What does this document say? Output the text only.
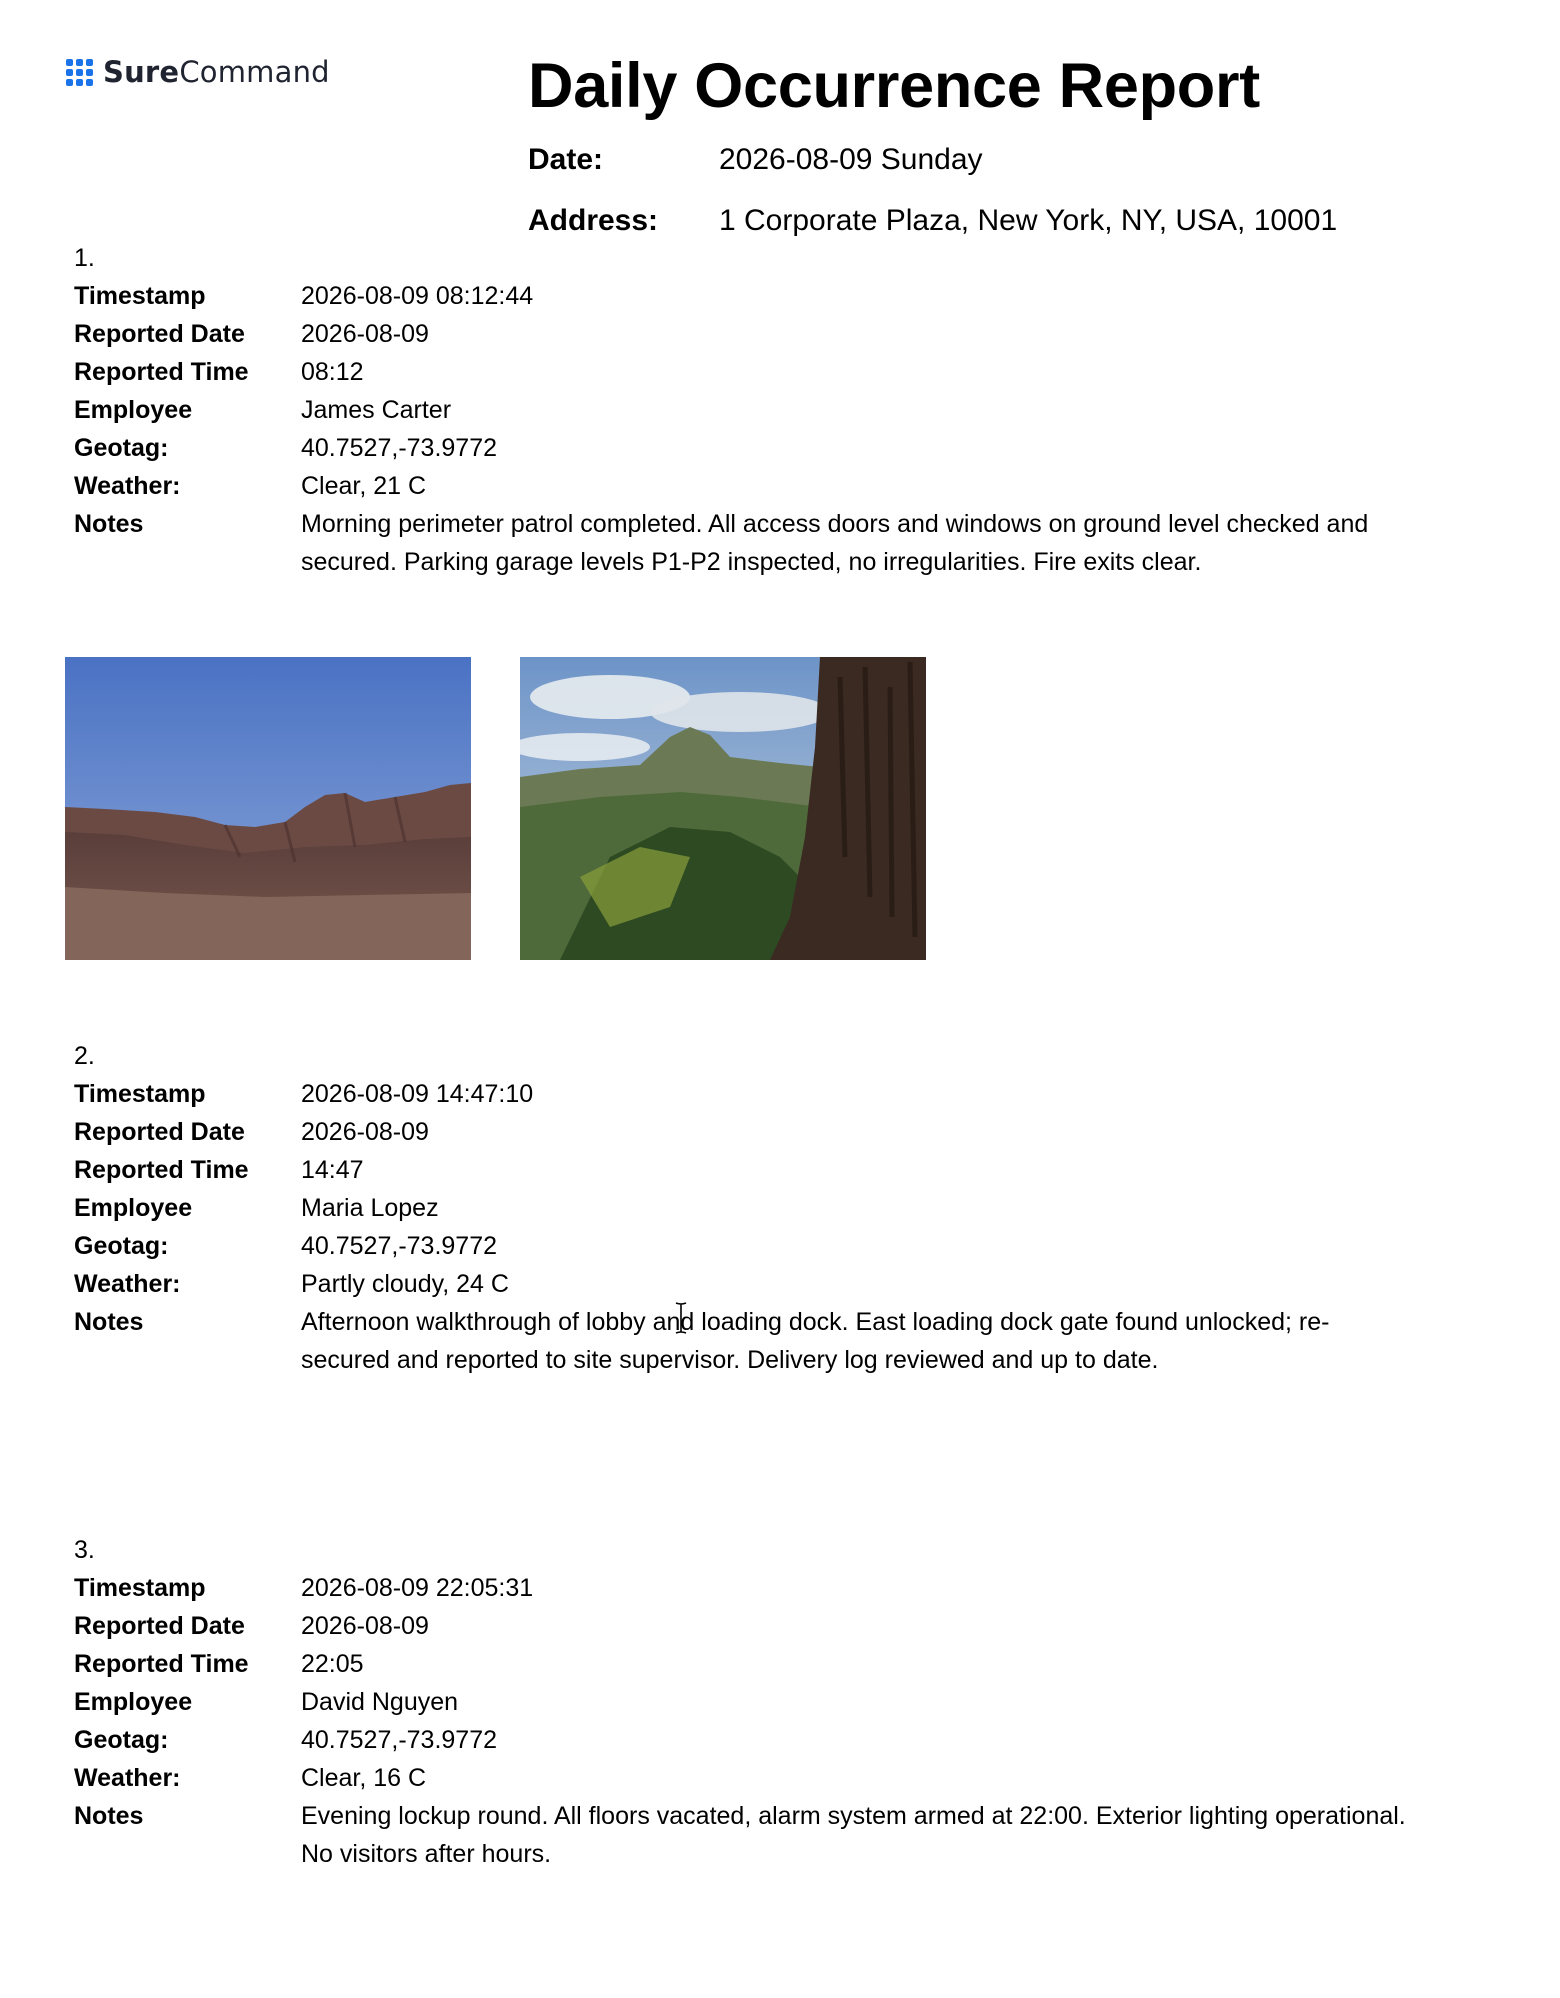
SureCommand	Daily Occurrence Report
Date:	2026-08-09 Sunday
Address:	1 Corporate Plaza, New York, NY, USA, 10001
1.
Timestamp	2026-08-09 08:12:44
Reported Date	2026-08-09
Reported Time	08:12
Employee	James Carter
Geotag:	40.7527,-73.9772
Weather:	Clear, 21 C
Notes	Morning perimeter patrol completed. All access doors and windows on ground level checked and secured. Parking garage levels P1-P2 inspected, no irregularities. Fire exits clear.
2.
Timestamp	2026-08-09 14:47:10
Reported Date	2026-08-09
Reported Time	14:47
Employee	Maria Lopez
Geotag:	40.7527,-73.9772
Weather:	Partly cloudy, 24 C
Notes	Afternoon walkthrough of lobby and loading dock. East loading dock gate found unlocked; re-secured and reported to site supervisor. Delivery log reviewed and up to date.
3.
Timestamp	2026-08-09 22:05:31
Reported Date	2026-08-09
Reported Time	22:05
Employee	David Nguyen
Geotag:	40.7527,-73.9772
Weather:	Clear, 16 C
Notes	Evening lockup round. All floors vacated, alarm system armed at 22:00. Exterior lighting operational. No visitors after hours.
